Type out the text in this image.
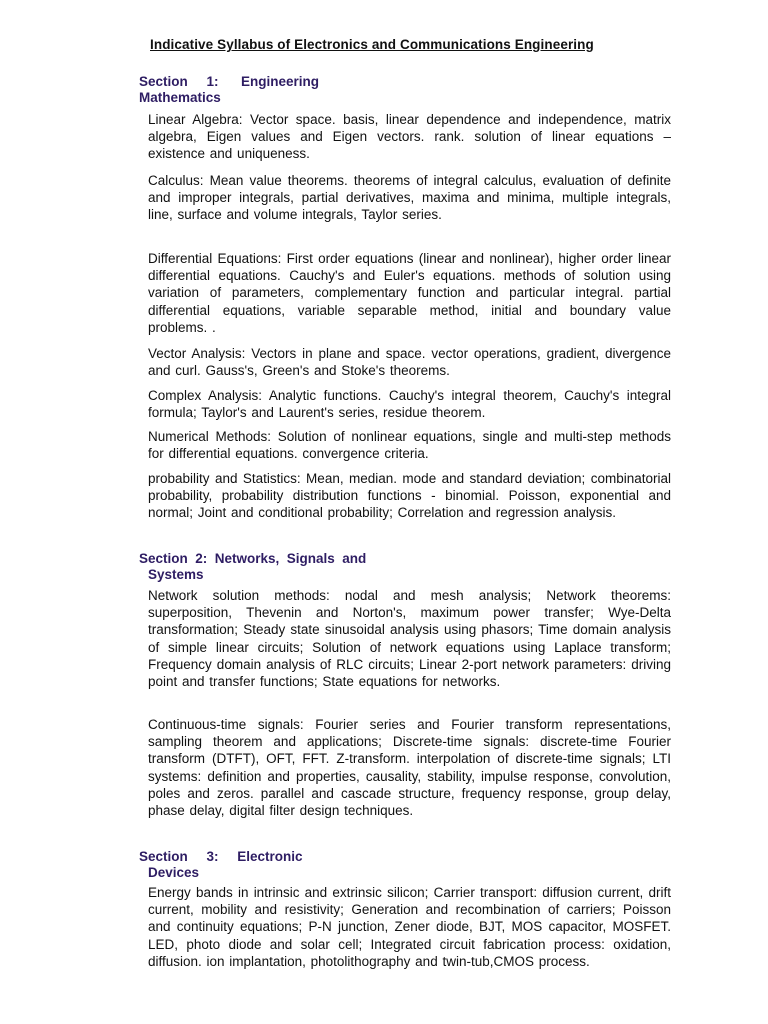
Indicative Syllabus of Electronics and Communications Engineering
Section     1:      Engineering
Mathematics
Linear Algebra: Vector space. basis, linear dependence and independence, matrix algebra, Eigen values and Eigen vectors. rank. solution of linear equations – existence and uniqueness.
Calculus: Mean value theorems. theorems of integral calculus, evaluation of definite and improper integrals, partial derivatives, maxima and minima, multiple integrals, line, surface and volume integrals, Taylor series.
Differential Equations: First order equations (linear and nonlinear), higher order linear differential equations. Cauchy's and Euler's equations. methods of solution using variation of parameters, complementary function and particular integral. partial differential equations, variable separable method, initial and boundary value problems. .
Vector Analysis: Vectors in plane and space. vector operations, gradient, divergence and curl. Gauss's, Green's and Stoke's theorems.
Complex Analysis: Analytic functions. Cauchy's integral theorem, Cauchy's integral formula; Taylor's and Laurent's series, residue theorem.
Numerical Methods: Solution of nonlinear equations, single and multi-step methods for differential equations. convergence criteria.
probability and Statistics: Mean, median. mode and standard deviation; combinatorial probability, probability distribution functions - binomial. Poisson, exponential and normal; Joint and conditional probability; Correlation and regression analysis.
Section  2:  Networks,  Signals  and
Systems
Network solution methods: nodal and mesh analysis; Network theorems: superposition, Thevenin and Norton's, maximum power transfer; Wye-Delta transformation; Steady state sinusoidal analysis using phasors; Time domain analysis of simple linear circuits; Solution of network equations using Laplace transform; Frequency domain analysis of RLC circuits; Linear 2-port network parameters: driving point and transfer functions; State equations for networks.
Continuous-time signals: Fourier series and Fourier transform representations, sampling theorem and applications; Discrete-time signals: discrete-time Fourier transform (DTFT), OFT, FFT. Z-transform. interpolation of discrete-time signals; LTI systems: definition and properties, causality, stability, impulse response, convolution, poles and zeros. parallel and cascade structure, frequency response, group delay, phase delay, digital filter design techniques.
Section     3:     Electronic
Devices
Energy bands in intrinsic and extrinsic silicon; Carrier transport: diffusion current, drift current, mobility and resistivity; Generation and recombination of carriers; Poisson and continuity equations; P-N junction, Zener diode, BJT, MOS capacitor, MOSFET. LED, photo diode and solar cell; Integrated circuit fabrication process: oxidation, diffusion. ion implantation, photolithography and twin-tub,CMOS process.
